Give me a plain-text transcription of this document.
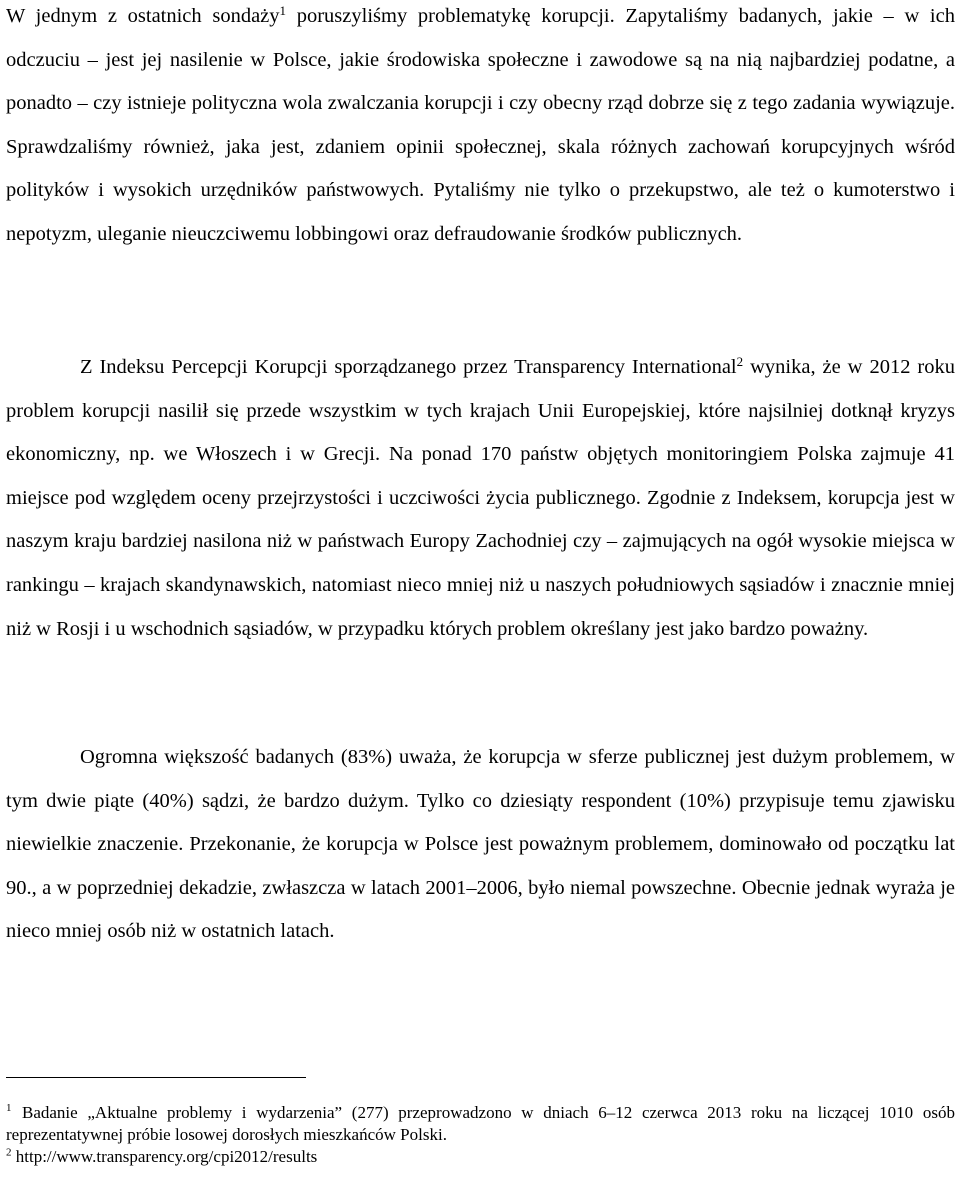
W jednym z ostatnich sondaży$^1$ poruszyliśmy problematykę korupcji. Zapytaliśmy badanych, jakie – w ich odczuciu – jest jej nasilenie w Polsce, jakie środowiska społeczne i zawodowe są na nią najbardziej podatne, a ponadto – czy istnieje polityczna wola zwalczania korupcji i czy obecny rząd dobrze się z tego zadania wywiązuje. Sprawdzaliśmy również, jaka jest, zdaniem opinii społecznej, skala różnych zachowań korupcyjnych wśród polityków i wysokich urzędników państwowych. Pytaliśmy nie tylko o przekupstwo, ale też o kumoterstwo i nepotyzm, uleganie nieuczciwemu lobbingowi oraz defraudowanie środków publicznych.

Z Indeksu Percepcji Korupcji sporządzanego przez Transparency International$^2$ wynika, że w 2012 roku problem korupcji nasilił się przede wszystkim w tych krajach Unii Europejskiej, które najsilniej dotknął kryzys ekonomiczny, np. we Włoszech i w Grecji. Na ponad 170 państw objętych monitoringiem Polska zajmuje 41 miejsce pod względem oceny przejrzystości i uczciwości życia publicznego. Zgodnie z Indeksem, korupcja jest w naszym kraju bardziej nasilona niż w państwach Europy Zachodniej czy – zajmujących na ogół wysokie miejsca w rankingu – krajach skandynawskich, natomiast nieco mniej niż u naszych południowych sąsiadów i znacznie mniej niż w Rosji i u wschodnich sąsiadów, w przypadku których problem określany jest jako bardzo poważny.

Ogromna większość badanych (83%) uważa, że korupcja w sferze publicznej jest dużym problemem, w tym dwie piąte (40%) sądzi, że bardzo dużym. Tylko co dziesiąty respondent (10%) przypisuje temu zjawisku niewielkie znaczenie. Przekonanie, że korupcja w Polsce jest poważnym problemem, dominowało od początku lat 90., a w poprzedniej dekadzie, zwłaszcza w latach 2001–2006, było niemal powszechne. Obecnie jednak wyraża je nieco mniej osób niż w ostatnich latach.

$^1$ Badanie „Aktualne problemy i wydarzenia” (277) przeprowadzono w dniach 6–12 czerwca 2013 roku na liczącej 1010 osób reprezentatywnej próbie losowej dorosłych mieszkańców Polski.

$^2$ http://www.transparency.org/cpi2012/results
